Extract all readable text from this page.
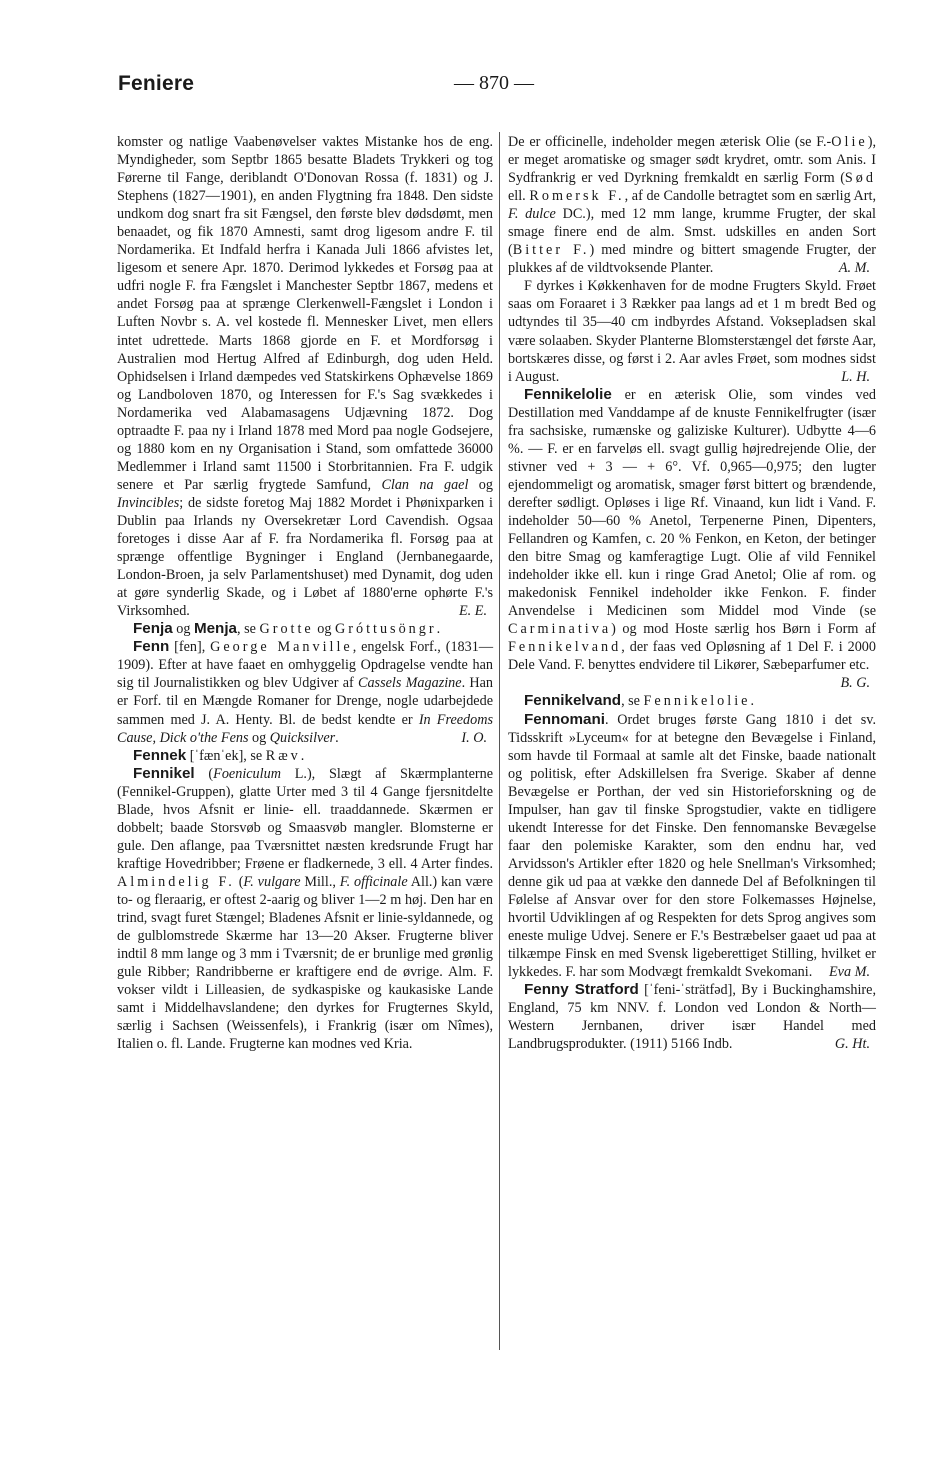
Feniere	— 870 —

komster og natlige Vaabenøvelser vaktes Mistanke hos de eng. Myndigheder, som Septbr 1865 besatte Bladets Trykkeri og tog Førerne til Fange, deriblandt O'Donovan Rossa (f. 1831) og J. Stephens (1827—1901), en anden Flygtning fra 1848. Den sidste undkom dog snart fra sit Fængsel, den første blev dødsdømt, men benaadet, og fik 1870 Amnesti, samt drog ligesom andre F. til Nordamerika. Et Indfald herfra i Kanada Juli 1866 afvistes let, ligesom et senere Apr. 1870. Derimod lykkedes et Forsøg paa at udfri nogle F. fra Fængslet i Manchester Septbr 1867, medens et andet Forsøg paa at sprænge Clerkenwell-Fængslet i London i Luften Novbr s. A. vel kostede fl. Mennesker Livet, men ellers intet udrettede. Marts 1868 gjorde en F. et Mordforsøg i Australien mod Hertug Alfred af Edinburgh, dog uden Held. Ophidselsen i Irland dæmpedes ved Statskirkens Ophævelse 1869 og Landboloven 1870, og Interessen for F.'s Sag svækkedes i Nordamerika ved Alabamasagens Udjævning 1872. Dog optraadte F. paa ny i Irland 1878 med Mord paa nogle Godsejere, og 1880 kom en ny Organisation i Stand, som omfattede 36000 Medlemmer i Irland samt 11500 i Storbritannien. Fra F. udgik senere et Par særlig frygtede Samfund, Clan na gael og Invincibles; de sidste foretog Maj 1882 Mordet i Phønixparken i Dublin paa Irlands ny Oversekretær Lord Cavendish. Ogsaa foretoges i disse Aar af F. fra Nordamerika fl. Forsøg paa at sprænge offentlige Bygninger i England (Jernbanegaarde, London-Broen, ja selv Parlamentshuset) med Dynamit, dog uden at gøre synderlig Skade, og i Løbet af 1880'erne ophørte F.'s Virksomhed.	E. E.

Fenja og Menja, se Grotte og Gróttusöngr.

Fenn [fen], George Manville, engelsk Forf., (1831—1909). Efter at have faaet en omhyggelig Opdragelse vendte han sig til Journalistikken og blev Udgiver af Cassels Magazine. Han er Forf. til en Mængde Romaner for Drenge, nogle udarbejdede sammen med J. A. Henty. Bl. de bedst kendte er In Freedoms Cause, Dick o'the Fens og Quicksilver.	I. O.

Fennek [ˈfænˈek], se Ræv.

Fennikel (Foeniculum L.), Slægt af Skærmplanterne (Fennikel-Gruppen), glatte Urter med 3 til 4 Gange fjersnitdelte Blade, hvos Afsnit er linie- ell. traaddannede. Skærmen er dobbelt; baade Storsvøb og Smaasvøb mangler. Blomsterne er gule. Den aflange, paa Tværsnittet næsten kredsrunde Frugt har kraftige Hovedribber; Frøene er fladkernede, 3 ell. 4 Arter findes. Almindelig F. (F. vulgare Mill., F. officinale All.) kan være to- og fleraarig, er oftest 2-aarig og bliver 1—2 m høj. Den har en trind, svagt furet Stængel; Bladenes Afsnit er linie-syldannede, og de gulblomstrede Skærme har 13—20 Akser. Frugterne bliver indtil 8 mm lange og 3 mm i Tværsnit; de er brunlige med grønlig gule Ribber; Randribberne er kraftigere end de øvrige. Alm. F. vokser vildt i Lilleasien, de sydkaspiske og kaukasiske Lande samt i Middelhavslandene; den dyrkes for Frugternes Skyld, særlig i Sachsen (Weissenfels), i Frankrig (især om Nîmes), Italien o. fl. Lande. Frugterne kan modnes ved Kria.

De er officinelle, indeholder megen æterisk Olie (se F.-Olie), er meget aromatiske og smager sødt krydret, omtr. som Anis. I Sydfrankrig er ved Dyrkning fremkaldt en særlig Form (Sød ell. Romersk F., af de Candolle betragtet som en særlig Art, F. dulce DC.), med 12 mm lange, krumme Frugter, der skal smage finere end de alm. Smst. udskilles en anden Sort (Bitter F.) med mindre og bittert smagende Frugter, der plukkes af de vildtvoksende Planter.	A. M.

F dyrkes i Køkkenhaven for de modne Frugters Skyld. Frøet saas om Foraaret i 3 Rækker paa langs ad et 1 m bredt Bed og udtyndes til 35—40 cm indbyrdes Afstand. Voksepladsen skal være solaaben. Skyder Planterne Blomsterstængel det første Aar, bortskæres disse, og først i 2. Aar avles Frøet, som modnes sidst i August.	L. H.

Fennikelolie er en æterisk Olie, som vindes ved Destillation med Vanddampe af de knuste Fennikelfrugter (især fra sachsiske, rumænske og galiziske Kulturer). Udbytte 4—6 %. — F. er en farveløs ell. svagt gullig højredrejende Olie, der stivner ved + 3 — + 6°. Vf. 0,965—0,975; den lugter ejendommeligt og aromatisk, smager først bittert og brændende, derefter sødligt. Opløses i lige Rf. Vinaand, kun lidt i Vand. F. indeholder 50—60 % Anetol, Terpenerne Pinen, Dipenters, Fellandren og Kamfen, c. 20 % Fenkon, en Keton, der betinger den bitre Smag og kamferagtige Lugt. Olie af vild Fennikel indeholder ikke ell. kun i ringe Grad Anetol; Olie af rom. og makedonisk Fennikel indeholder ikke Fenkon. F. finder Anvendelse i Medicinen som Middel mod Vinde (se Carminativa) og mod Hoste særlig hos Børn i Form af Fennikelvand, der faas ved Opløsning af 1 Del F. i 2000 Dele Vand. F. benyttes endvidere til Likører, Sæbeparfumer etc.
B. G.

Fennikelvand, se Fennikelolie.

Fennomani. Ordet bruges første Gang 1810 i det sv. Tidsskrift »Lyceum« for at betegne den Bevægelse i Finland, som havde til Formaal at samle alt det Finske, baade nationalt og politisk, efter Adskillelsen fra Sverige. Skaber af denne Bevægelse er Porthan, der ved sin Historieforskning og de Impulser, han gav til finske Sprogstudier, vakte en tidligere ukendt Interesse for det Finske. Den fennomanske Bevægelse faar den polemiske Karakter, som den endnu har, ved Arvidsson's Artikler efter 1820 og hele Snellman's Virksomhed; denne gik ud paa at vække den dannede Del af Befolkningen til Følelse af Ansvar over for den store Folkemasses Højnelse, hvortil Udviklingen af og Respekten for dets Sprog angives som eneste mulige Udvej. Senere er F.'s Bestræbelser gaaet ud paa at tilkæmpe Finsk en med Svensk ligeberettiget Stilling, hvilket er lykkedes. F. har som Modvægt fremkaldt Svekomani.	Eva M.

Fenny Stratford [ˈfeni-ˈsträtfəd], By i Buckinghamshire, England, 75 km NNV. f. London ved London & North—Western Jernbanen, driver især Handel med Landbrugsprodukter. (1911) 5166 Indb.	G. Ht.
